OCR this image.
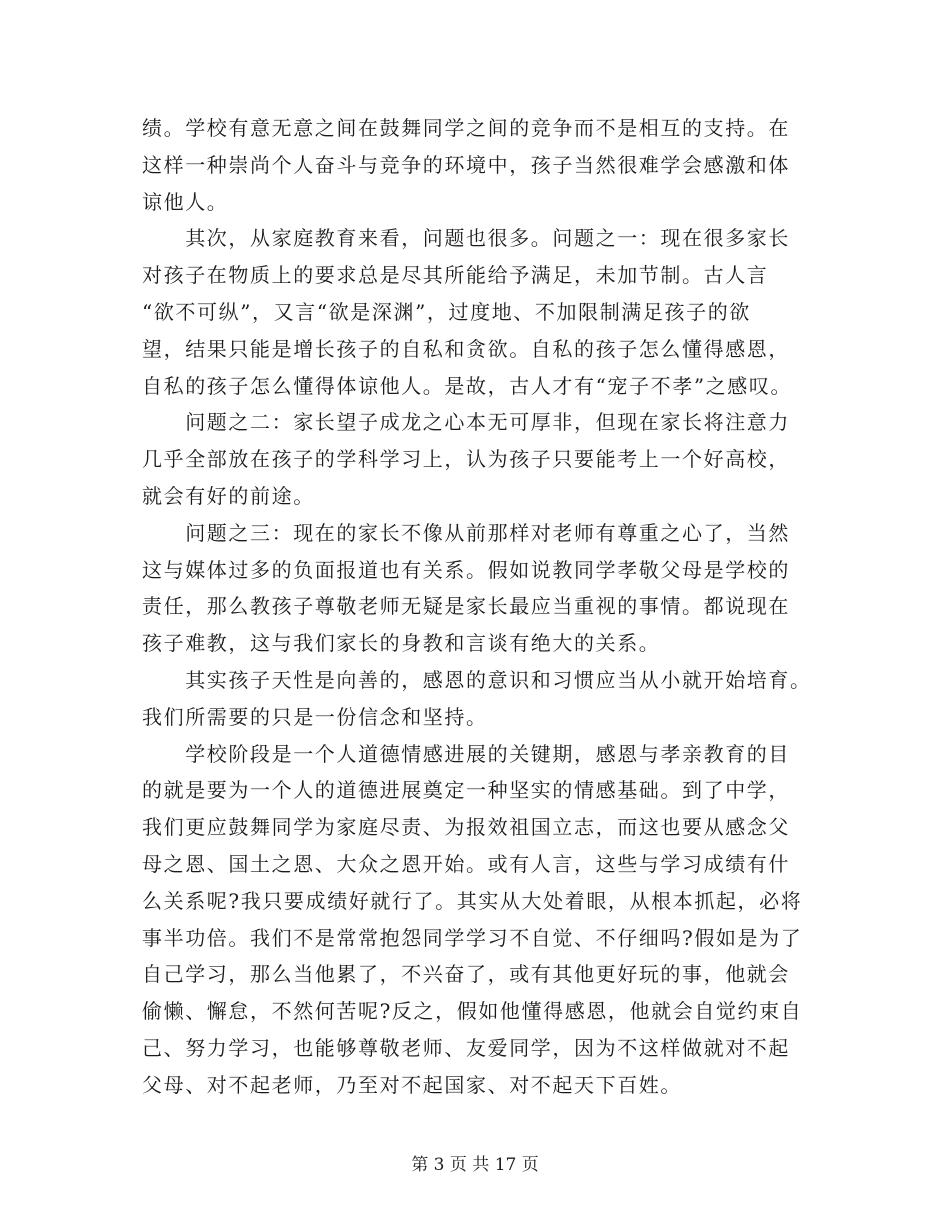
绩。学校有意无意之间在鼓舞同学之间的竞争而不是相互的支持。在
这样一种崇尚个人奋斗与竞争的环境中，孩子当然很难学会感激和体
谅他人。
　　其次，从家庭教育来看，问题也很多。问题之一：现在很多家长
对孩子在物质上的要求总是尽其所能给予满足，未加节制。古人言
“欲不可纵”，又言“欲是深渊”，过度地、不加限制满足孩子的欲
望，结果只能是增长孩子的自私和贪欲。自私的孩子怎么懂得感恩，
自私的孩子怎么懂得体谅他人。是故，古人才有“宠子不孝”之感叹。
　　问题之二：家长望子成龙之心本无可厚非，但现在家长将注意力
几乎全部放在孩子的学科学习上，认为孩子只要能考上一个好高校，
就会有好的前途。
　　问题之三：现在的家长不像从前那样对老师有尊重之心了，当然
这与媒体过多的负面报道也有关系。假如说教同学孝敬父母是学校的
责任，那么教孩子尊敬老师无疑是家长最应当重视的事情。都说现在
孩子难教，这与我们家长的身教和言谈有绝大的关系。
　　其实孩子天性是向善的，感恩的意识和习惯应当从小就开始培育。
我们所需要的只是一份信念和坚持。
　　学校阶段是一个人道德情感进展的关键期，感恩与孝亲教育的目
的就是要为一个人的道德进展奠定一种坚实的情感基础。到了中学，
我们更应鼓舞同学为家庭尽责、为报效祖国立志，而这也要从感念父
母之恩、国土之恩、大众之恩开始。或有人言，这些与学习成绩有什
么关系呢?我只要成绩好就行了。其实从大处着眼，从根本抓起，必将
事半功倍。我们不是常常抱怨同学学习不自觉、不仔细吗?假如是为了
自己学习，那么当他累了，不兴奋了，或有其他更好玩的事，他就会
偷懒、懈怠，不然何苦呢?反之，假如他懂得感恩，他就会自觉约束自
己、努力学习，也能够尊敬老师、友爱同学，因为不这样做就对不起
父母、对不起老师，乃至对不起国家、对不起天下百姓。
第 3 页 共 17 页
